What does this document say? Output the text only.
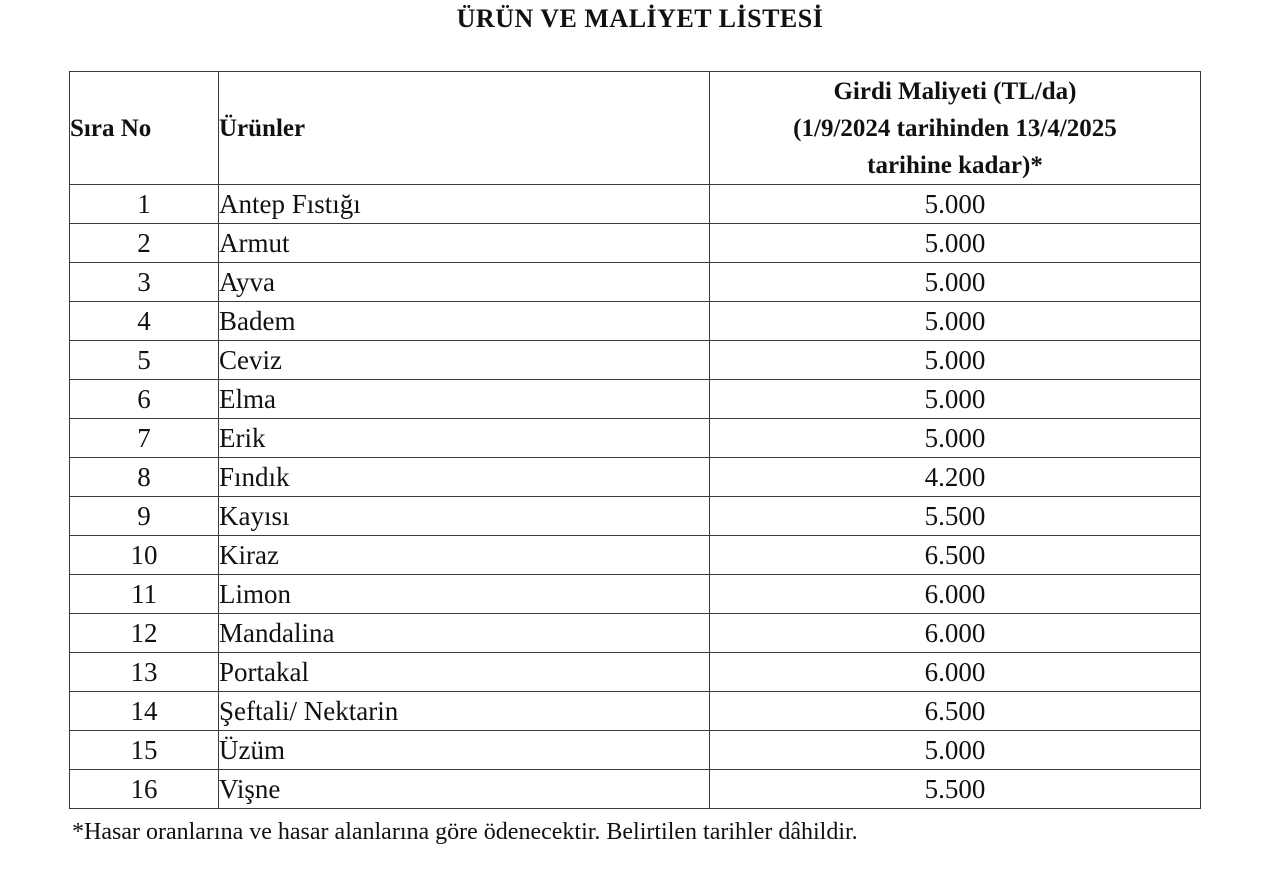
ÜRÜN VE MALİYET LİSTESİ
Sıra No	Ürünler	Girdi Maliyeti (TL/da)
(1/9/2024 tarihinden 13/4/2025
tarihine kadar)*

1	Antep Fıstığı	5.000
2	Armut	5.000
3	Ayva	5.000
4	Badem	5.000
5	Ceviz	5.000
6	Elma	5.000
7	Erik	5.000
8	Fındık	4.200
9	Kayısı	5.500
10	Kiraz	6.500
11	Limon	6.000
12	Mandalina	6.000
13	Portakal	6.000
14	Şeftali/ Nektarin	6.500
15	Üzüm	5.000
16	Vişne	5.500
*Hasar oranlarına ve hasar alanlarına göre ödenecektir. Belirtilen tarihler dâhildir.
